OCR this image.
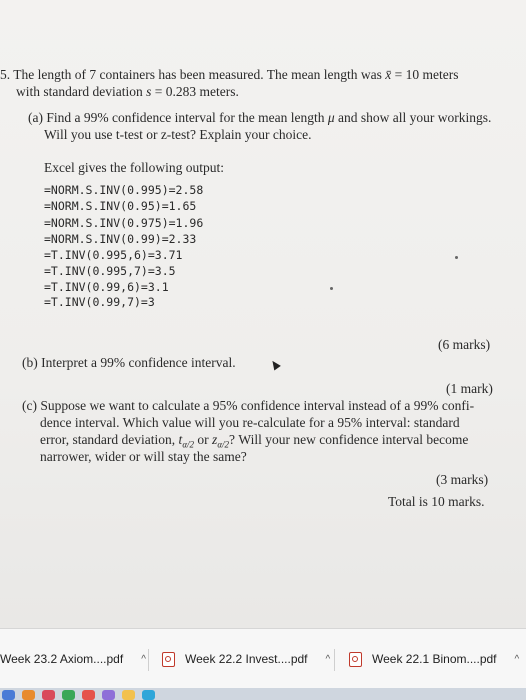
5. The length of 7 containers has been measured. The mean length was x̄ = 10 meters
with standard deviation s = 0.283 meters.
(a) Find a 99% confidence interval for the mean length μ and show all your workings.
Will you use t-test or z-test? Explain your choice.
Excel gives the following output:
=NORM.S.INV(0.995)=2.58
=NORM.S.INV(0.95)=1.65
=NORM.S.INV(0.975)=1.96
=NORM.S.INV(0.99)=2.33
=T.INV(0.995,6)=3.71
=T.INV(0.995,7)=3.5
=T.INV(0.99,6)=3.1
=T.INV(0.99,7)=3
(6 marks)
(b) Interpret a 99% confidence interval.
(1 mark)
(c) Suppose we want to calculate a 95% confidence interval instead of a 99% confi-
dence interval. Which value will you re-calculate for a 95% interval: standard
error, standard deviation, $t_{\alpha/2}$ or $z_{\alpha/2}$? Will your new confidence interval become
narrower, wider or will stay the same?
(3 marks)
Total is 10 marks.
Week 23.2 Axiom....pdf ^	Week 22.2 Invest....pdf ^	Week 22.1 Binom....pdf ^
